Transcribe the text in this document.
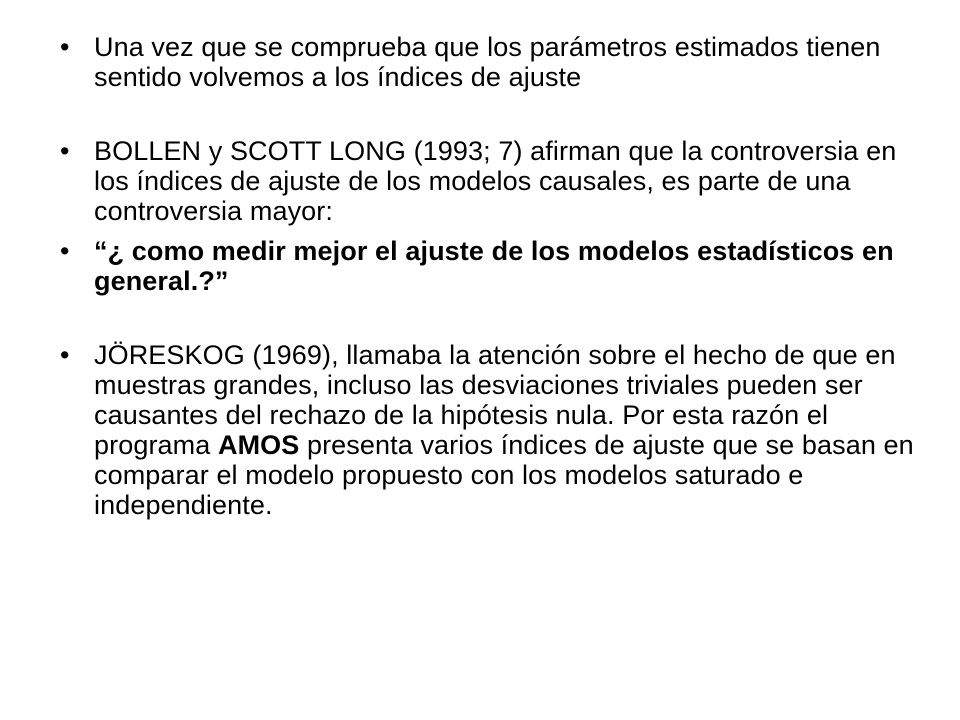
• Una vez que se comprueba que los parámetros estimados tienen sentido volvemos a los índices de ajuste
• BOLLEN y SCOTT LONG (1993; 7) afirman que la controversia en los índices de ajuste de los modelos causales, es parte de una controversia mayor:
• “¿ como medir mejor el ajuste de los modelos estadísticos en general.?”
• JÖRESKOG (1969), llamaba la atención sobre el hecho de que en muestras grandes, incluso las desviaciones triviales pueden ser causantes del rechazo de la hipótesis nula. Por esta razón el programa AMOS presenta varios índices de ajuste que se basan en comparar el modelo propuesto con los modelos saturado e independiente.
